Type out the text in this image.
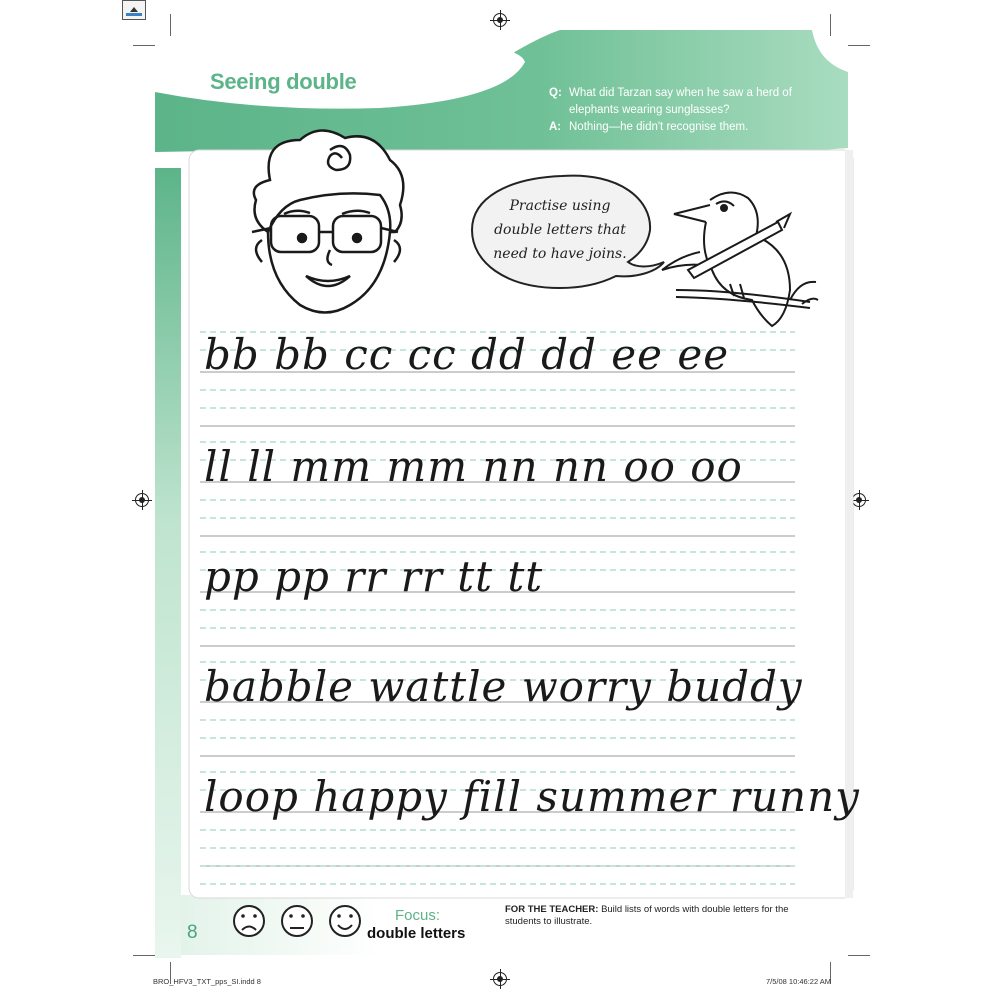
Seeing double	Q: What did Tarzan say when he saw a herd of elephants wearing sunglasses?
A: Nothing—he didn't recognise them.
Practise using double letters that need to have joins.
bb bb cc cc dd dd ee ee
ll ll mm mm nn nn oo oo
pp pp rr rr tt tt
babble wattle worry buddy
loop happy fill summer runny
8
Focus:
double letters
FOR THE TEACHER: Build lists of words with double letters for the students to illustrate.
BRO_HFV3_TXT_pps_SI.indd 8	7/5/08 10:46:22 AM
